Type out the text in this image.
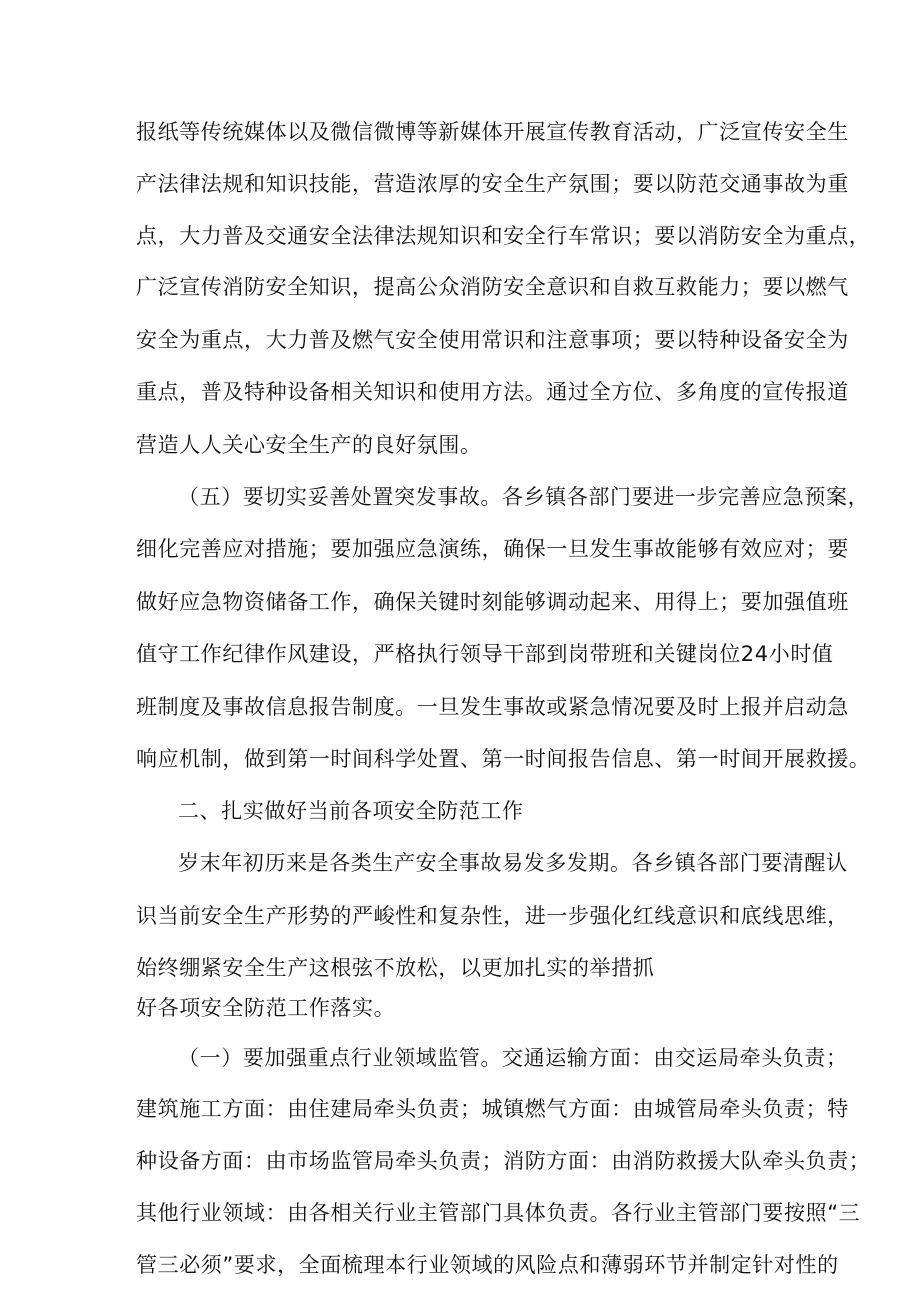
报纸等传统媒体以及微信微博等新媒体开展宣传教育活动，广泛宣传安全生
产法律法规和知识技能，营造浓厚的安全生产氛围；要以防范交通事故为重
点，大力普及交通安全法律法规知识和安全行车常识；要以消防安全为重点，
广泛宣传消防安全知识，提高公众消防安全意识和自救互救能力；要以燃气
安全为重点，大力普及燃气安全使用常识和注意事项；要以特种设备安全为
重点，普及特种设备相关知识和使用方法。通过全方位、多角度的宣传报道
营造人人关心安全生产的良好氛围。
（五）要切实妥善处置突发事故。各乡镇各部门要进一步完善应急预案，
细化完善应对措施；要加强应急演练，确保一旦发生事故能够有效应对；要
做好应急物资储备工作，确保关键时刻能够调动起来、用得上；要加强值班
值守工作纪律作风建设，严格执行领导干部到岗带班和关键岗位24小时值
班制度及事故信息报告制度。一旦发生事故或紧急情况要及时上报并启动急
响应机制，做到第一时间科学处置、第一时间报告信息、第一时间开展救援。
二、扎实做好当前各项安全防范工作
岁末年初历来是各类生产安全事故易发多发期。各乡镇各部门要清醒认
识当前安全生产形势的严峻性和复杂性，进一步强化红线意识和底线思维，
始终绷紧安全生产这根弦不放松，以更加扎实的举措抓
好各项安全防范工作落实。
（一）要加强重点行业领域监管。交通运输方面：由交运局牵头负责；
建筑施工方面：由住建局牵头负责；城镇燃气方面：由城管局牵头负责；特
种设备方面：由市场监管局牵头负责；消防方面：由消防救援大队牵头负责；
其他行业领域：由各相关行业主管部门具体负责。各行业主管部门要按照“三
管三必须”要求，全面梳理本行业领域的风险点和薄弱环节并制定针对性的
